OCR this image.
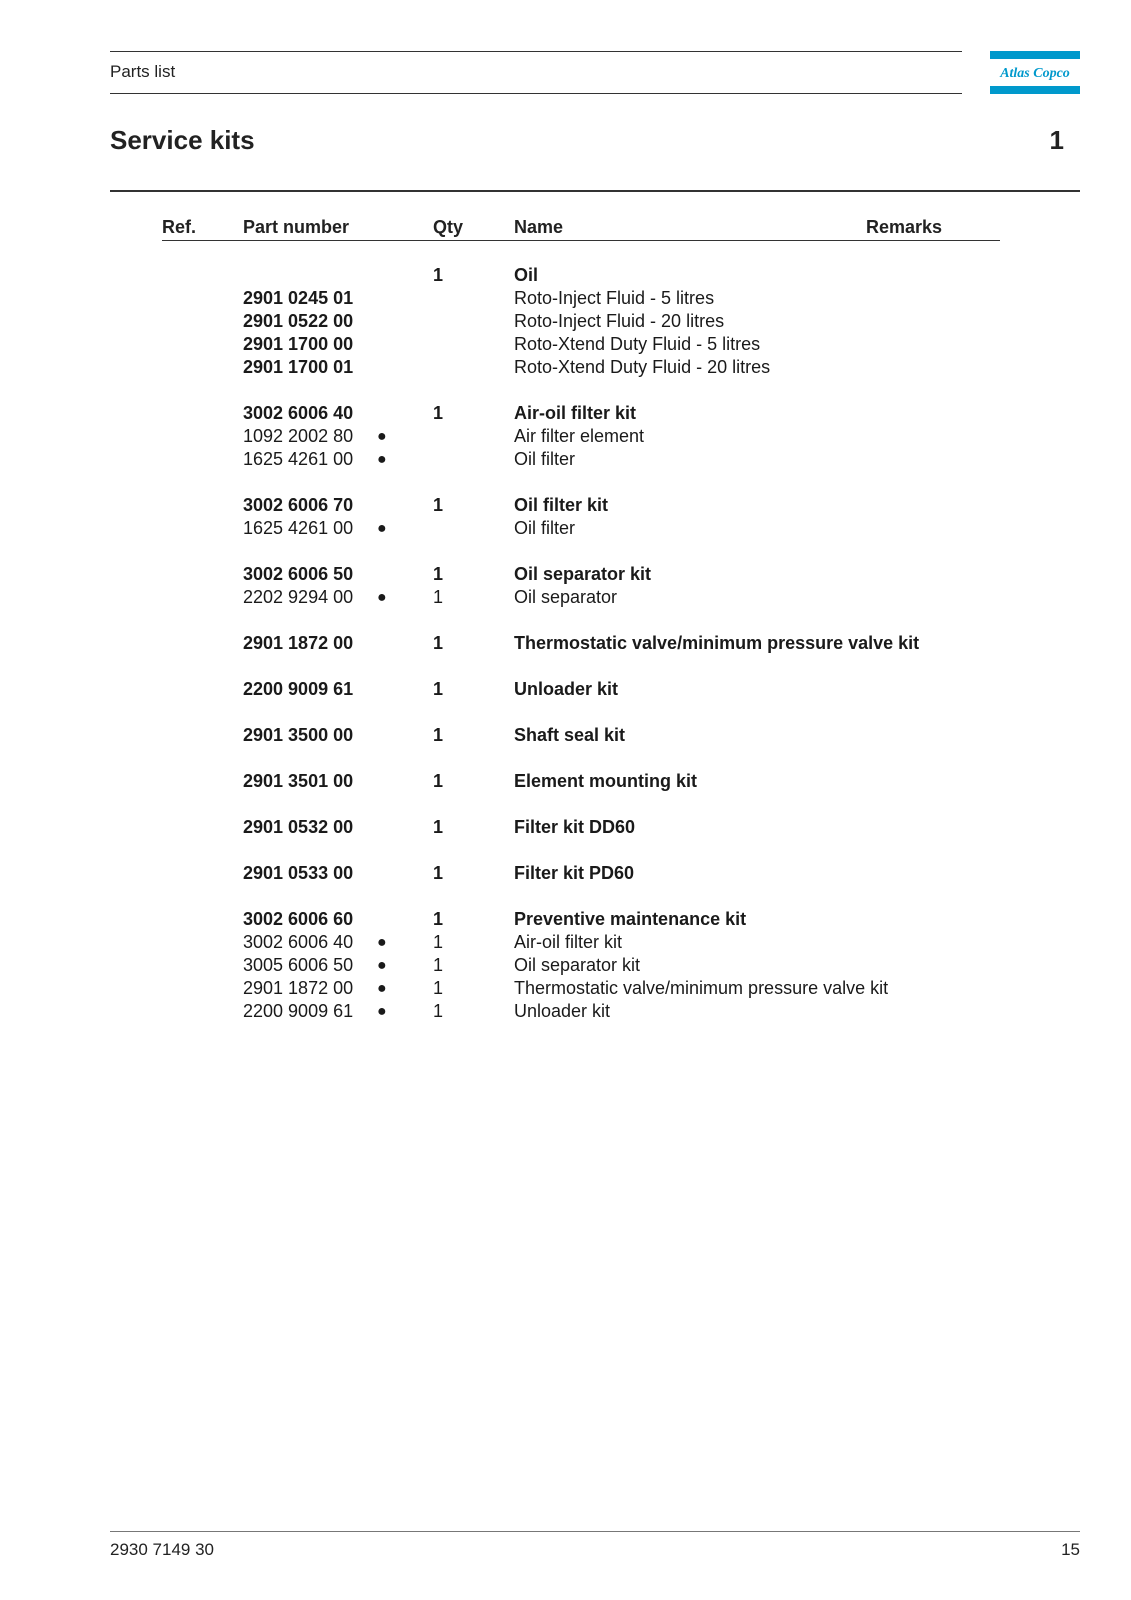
Parts list	Atlas Copco
Service kits	1
Ref.	Part number	Qty	Name	Remarks
1	Oil
2901 0245 01	Roto-Inject Fluid - 5 litres
2901 0522 00	Roto-Inject Fluid - 20 litres
2901 1700 00	Roto-Xtend Duty Fluid - 5 litres
2901 1700 01	Roto-Xtend Duty Fluid - 20 litres
3002 6006 40	1	Air-oil filter kit
1092 2002 80 ●	Air filter element
1625 4261 00 ●	Oil filter
3002 6006 70	1	Oil filter kit
1625 4261 00 ●	Oil filter
3002 6006 50	1	Oil separator kit
2202 9294 00 ●	1	Oil separator
2901 1872 00	1	Thermostatic valve/minimum pressure valve kit
2200 9009 61	1	Unloader kit
2901 3500 00	1	Shaft seal kit
2901 3501 00	1	Element mounting kit
2901 0532 00	1	Filter kit DD60
2901 0533 00	1	Filter kit PD60
3002 6006 60	1	Preventive maintenance kit
3002 6006 40 ●	1	Air-oil filter kit
3005 6006 50 ●	1	Oil separator kit
2901 1872 00 ●	1	Thermostatic valve/minimum pressure valve kit
2200 9009 61 ●	1	Unloader kit
2930 7149 30	15
